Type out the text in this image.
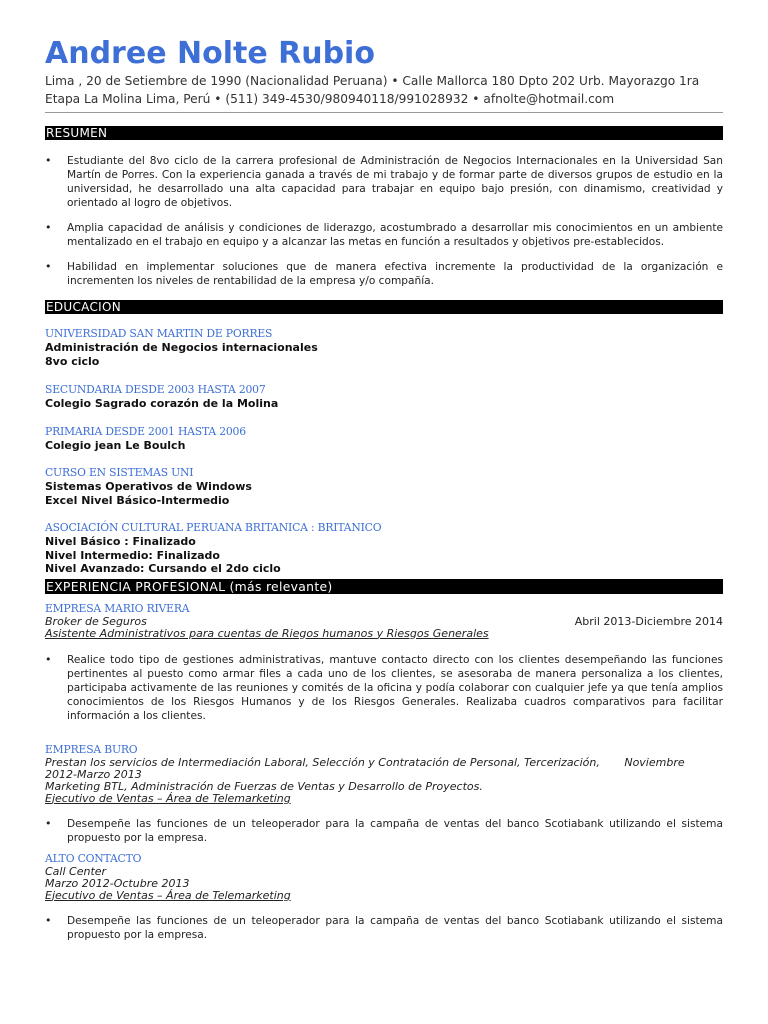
Andree Nolte Rubio
Lima , 20 de Setiembre de 1990 (Nacionalidad Peruana) • Calle Mallorca 180 Dpto 202 Urb. Mayorazgo 1ra
Etapa La Molina Lima, Perú • (511) 349-4530/980940118/991028932 • afnolte@hotmail.com
RESUMEN
• Estudiante del 8vo ciclo de la carrera profesional de Administración de Negocios Internacionales en la Universidad San Martín de Porres. Con la experiencia ganada a través de mi trabajo y de formar parte de diversos grupos de estudio en la universidad, he desarrollado una alta capacidad para trabajar en equipo bajo presión, con dinamismo, creatividad y orientado al logro de objetivos.
• Amplia capacidad de análisis y condiciones de liderazgo, acostumbrado a desarrollar mis conocimientos en un ambiente mentalizado en el trabajo en equipo y a alcanzar las metas en función a resultados y objetivos pre-establecidos.
• Habilidad en implementar soluciones que de manera efectiva incremente la productividad de la organización e incrementen los niveles de rentabilidad de la empresa y/o compañía.
EDUCACION
UNIVERSIDAD SAN MARTIN DE PORRES
Administración de Negocios internacionales
8vo ciclo
SECUNDARIA DESDE 2003 HASTA 2007
Colegio Sagrado corazón de la Molina
PRIMARIA DESDE 2001 HASTA 2006
Colegio jean Le Boulch
CURSO EN SISTEMAS UNI
Sistemas Operativos de Windows
Excel Nivel Básico-Intermedio
ASOCIACIÓN CULTURAL PERUANA BRITANICA : BRITANICO
Nivel Básico : Finalizado
Nivel Intermedio: Finalizado
Nivel Avanzado: Cursando el 2do ciclo
EXPERIENCIA PROFESIONAL (más relevante)
EMPRESA MARIO RIVERA
Broker de Seguros	Abril 2013-Diciembre 2014
Asistente Administrativos para cuentas de Riegos humanos y Riesgos Generales
• Realice todo tipo de gestiones administrativas, mantuve contacto directo con los clientes desempeñando las funciones pertinentes al puesto como armar files a cada uno de los clientes, se asesoraba de manera personaliza a los clientes, participaba activamente de las reuniones y comités de la oficina y podía colaborar con cualquier jefe ya que tenía amplios conocimientos de los Riesgos Humanos y de los Riesgos Generales. Realizaba cuadros comparativos para facilitar información a los clientes.
EMPRESA BURO
Prestan los servicios de Intermediación Laboral, Selección y Contratación de Personal, Tercerización,       Noviembre
2012-Marzo 2013
Marketing BTL, Administración de Fuerzas de Ventas y Desarrollo de Proyectos.
Ejecutivo de Ventas – Área de Telemarketing
• Desempeñe las funciones de un teleoperador para la campaña de ventas del banco Scotiabank utilizando el sistema propuesto por la empresa.
ALTO CONTACTO
Call Center
Marzo 2012-Octubre 2013
Ejecutivo de Ventas – Área de Telemarketing
• Desempeñe las funciones de un teleoperador para la campaña de ventas del banco Scotiabank utilizando el sistema propuesto por la empresa.
